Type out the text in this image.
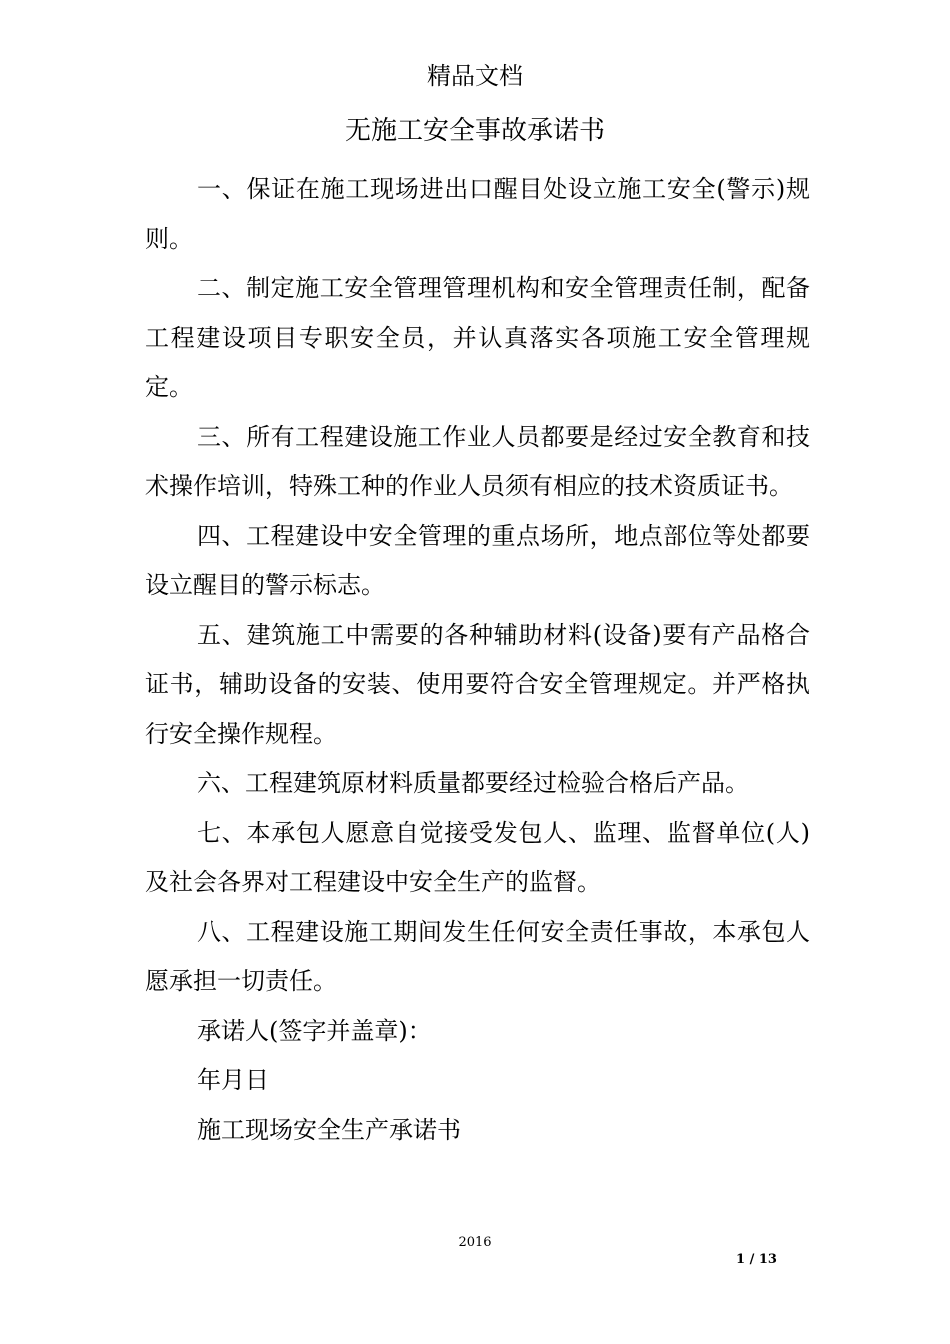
精品文档
无施工安全事故承诺书

一、保证在施工现场进出口醒目处设立施工安全(警示)规则。

二、制定施工安全管理管理机构和安全管理责任制，配备工程建设项目专职安全员，并认真落实各项施工安全管理规定。

三、所有工程建设施工作业人员都要是经过安全教育和技术操作培训，特殊工种的作业人员须有相应的技术资质证书。

四、工程建设中安全管理的重点场所，地点部位等处都要设立醒目的警示标志。

五、建筑施工中需要的各种辅助材料(设备)要有产品格合证书，辅助设备的安装、使用要符合安全管理规定。并严格执行安全操作规程。

六、工程建筑原材料质量都要经过检验合格后产品。

七、本承包人愿意自觉接受发包人、监理、监督单位(人)及社会各界对工程建设中安全生产的监督。

八、工程建设施工期间发生任何安全责任事故，本承包人愿承担一切责任。

承诺人(签字并盖章)：

年月日

施工现场安全生产承诺书

2016
1 / 13
